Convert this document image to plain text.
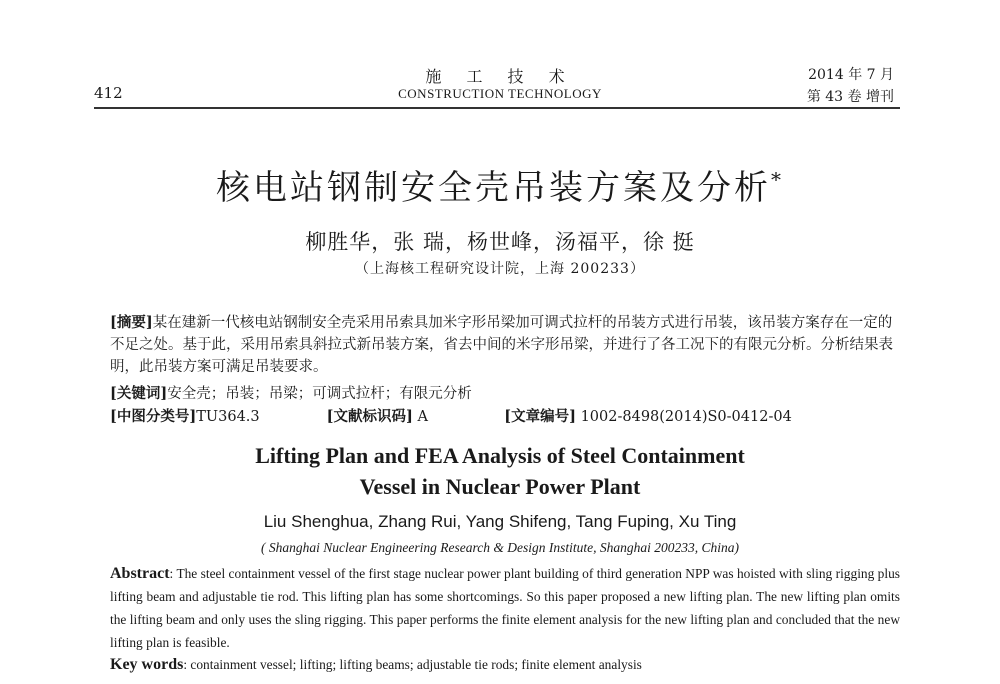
412
施 工 技 术
CONSTRUCTION TECHNOLOGY
2014 年 7 月
第 43 卷 增刊
核电站钢制安全壳吊装方案及分析*
柳胜华，张 瑞，杨世峰，汤福平，徐 挺
（上海核工程研究设计院，上海 200233）
[摘要]某在建新一代核电站钢制安全壳采用吊索具加米字形吊梁加可调式拉杆的吊装方式进行吊装，该吊装方案存在一定的不足之处。基于此，采用吊索具斜拉式新吊装方案，省去中间的米字形吊梁，并进行了各工况下的有限元分析。分析结果表明，此吊装方案可满足吊装要求。
[关键词]安全壳；吊装；吊梁；可调式拉杆；有限元分析
[中图分类号]TU364.3	[文献标识码] A	[文章编号] 1002-8498(2014)S0-0412-04
Lifting Plan and FEA Analysis of Steel Containment
Vessel in Nuclear Power Plant
Liu Shenghua, Zhang Rui, Yang Shifeng, Tang Fuping, Xu Ting
( Shanghai Nuclear Engineering Research & Design Institute, Shanghai 200233, China)
Abstract: The steel containment vessel of the first stage nuclear power plant building of third generation NPP was hoisted with sling rigging plus lifting beam and adjustable tie rod. This lifting plan has some shortcomings. So this paper proposed a new lifting plan. The new lifting plan omits the lifting beam and only uses the sling rigging. This paper performs the finite element analysis for the new lifting plan and concluded that the new lifting plan is feasible.
Key words: containment vessel; lifting; lifting beams; adjustable tie rods; finite element analysis
